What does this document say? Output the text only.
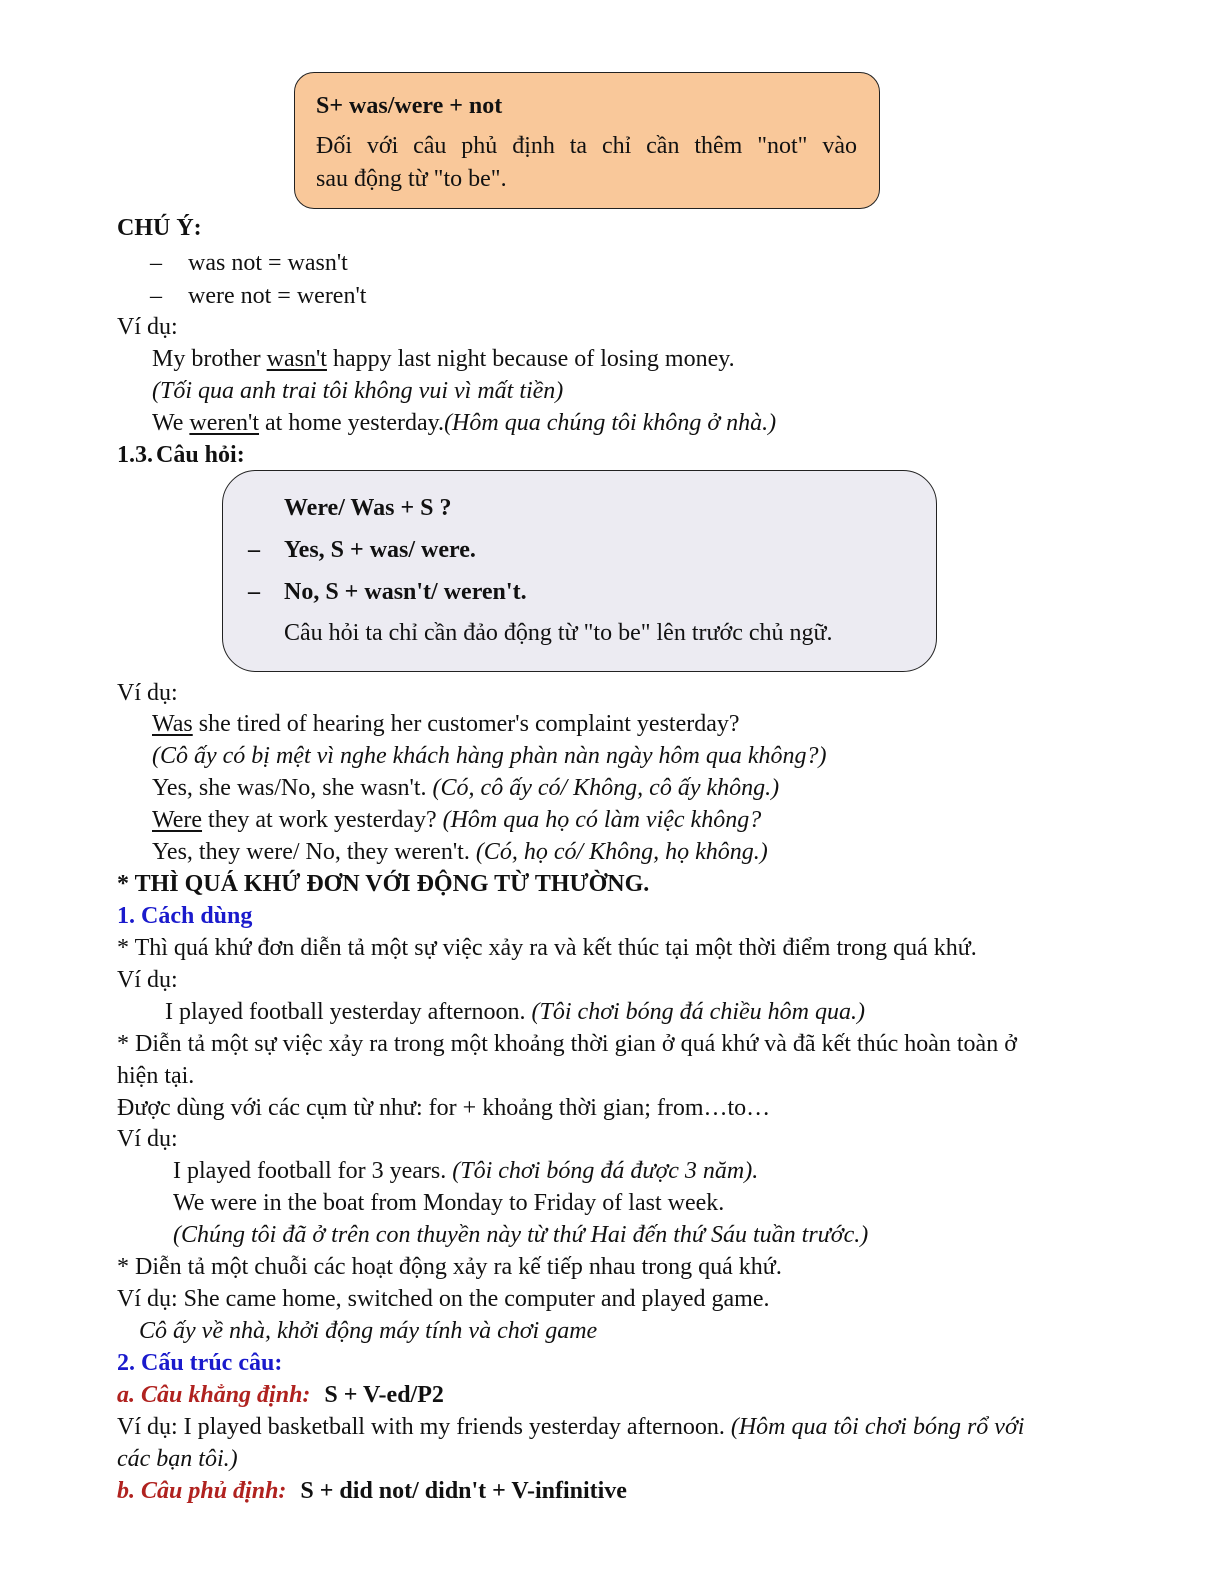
S+ was/were + not
Đối với câu phủ định ta chỉ cần thêm "not" vào
sau động từ "to be".
CHÚ Ý:
– was not = wasn't
– were not = weren't
Ví dụ:
My brother wasn't happy last night because of losing money.
(Tối qua anh trai tôi không vui vì mất tiền)
We weren't at home yesterday.(Hôm qua chúng tôi không ở nhà.)
1.3. Câu hỏi:
Were/ Was + S ?
– Yes, S + was/ were.
– No, S + wasn't/ weren't.
Câu hỏi ta chỉ cần đảo động từ "to be" lên trước chủ ngữ.
Ví dụ:
Was she tired of hearing her customer's complaint yesterday?
(Cô ấy có bị mệt vì nghe khách hàng phàn nàn ngày hôm qua không?)
Yes, she was/No, she wasn't. (Có, cô ấy có/ Không, cô ấy không.)
Were they at work yesterday? (Hôm qua họ có làm việc không?
Yes, they were/ No, they weren't. (Có, họ có/ Không, họ không.)
* THÌ QUÁ KHỨ ĐƠN VỚI ĐỘNG TỪ THƯỜNG.
1. Cách dùng
* Thì quá khứ đơn diễn tả một sự việc xảy ra và kết thúc tại một thời điểm trong quá khứ.
Ví dụ:
I played football yesterday afternoon. (Tôi chơi bóng đá chiều hôm qua.)
* Diễn tả một sự việc xảy ra trong một khoảng thời gian ở quá khứ và đã kết thúc hoàn toàn ở
hiện tại.
Được dùng với các cụm từ như: for + khoảng thời gian; from…to…
Ví dụ:
I played football for 3 years. (Tôi chơi bóng đá được 3 năm).
We were in the boat from Monday to Friday of last week.
(Chúng tôi đã ở trên con thuyền này từ thứ Hai đến thứ Sáu tuần trước.)
* Diễn tả một chuỗi các hoạt động xảy ra kế tiếp nhau trong quá khứ.
Ví dụ: She came home, switched on the computer and played game.
Cô ấy về nhà, khởi động máy tính và chơi game
2. Cấu trúc câu:
a. Câu khẳng định: S + V-ed/P2
Ví dụ: I played basketball with my friends yesterday afternoon. (Hôm qua tôi chơi bóng rổ với
các bạn tôi.)
b. Câu phủ định: S + did not/ didn't + V-infinitive
